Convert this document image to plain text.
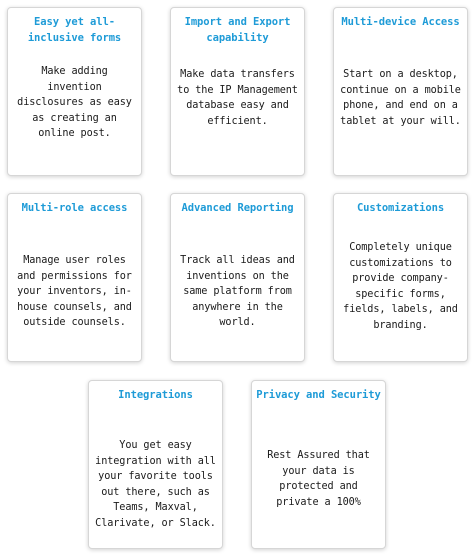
Easy yet all-inclusive forms
Make adding invention disclosures as easy as creating an online post.
Import and Export capability
Make data transfers to the IP Management database easy and efficient.
Multi-device Access
Start on a desktop, continue on a mobile phone, and end on a tablet at your will.
Multi-role access
Manage user roles and permissions for your inventors, in-house counsels, and outside counsels.
Advanced Reporting
Track all ideas and inventions on the same platform from anywhere in the world.
Customizations
Completely unique customizations to provide company-specific forms, fields, labels, and branding.
Integrations
You get easy integration with all your favorite tools out there, such as Teams, Maxval, Clarivate, or Slack.
Privacy and Security
Rest Assured that your data is protected and private a 100%
